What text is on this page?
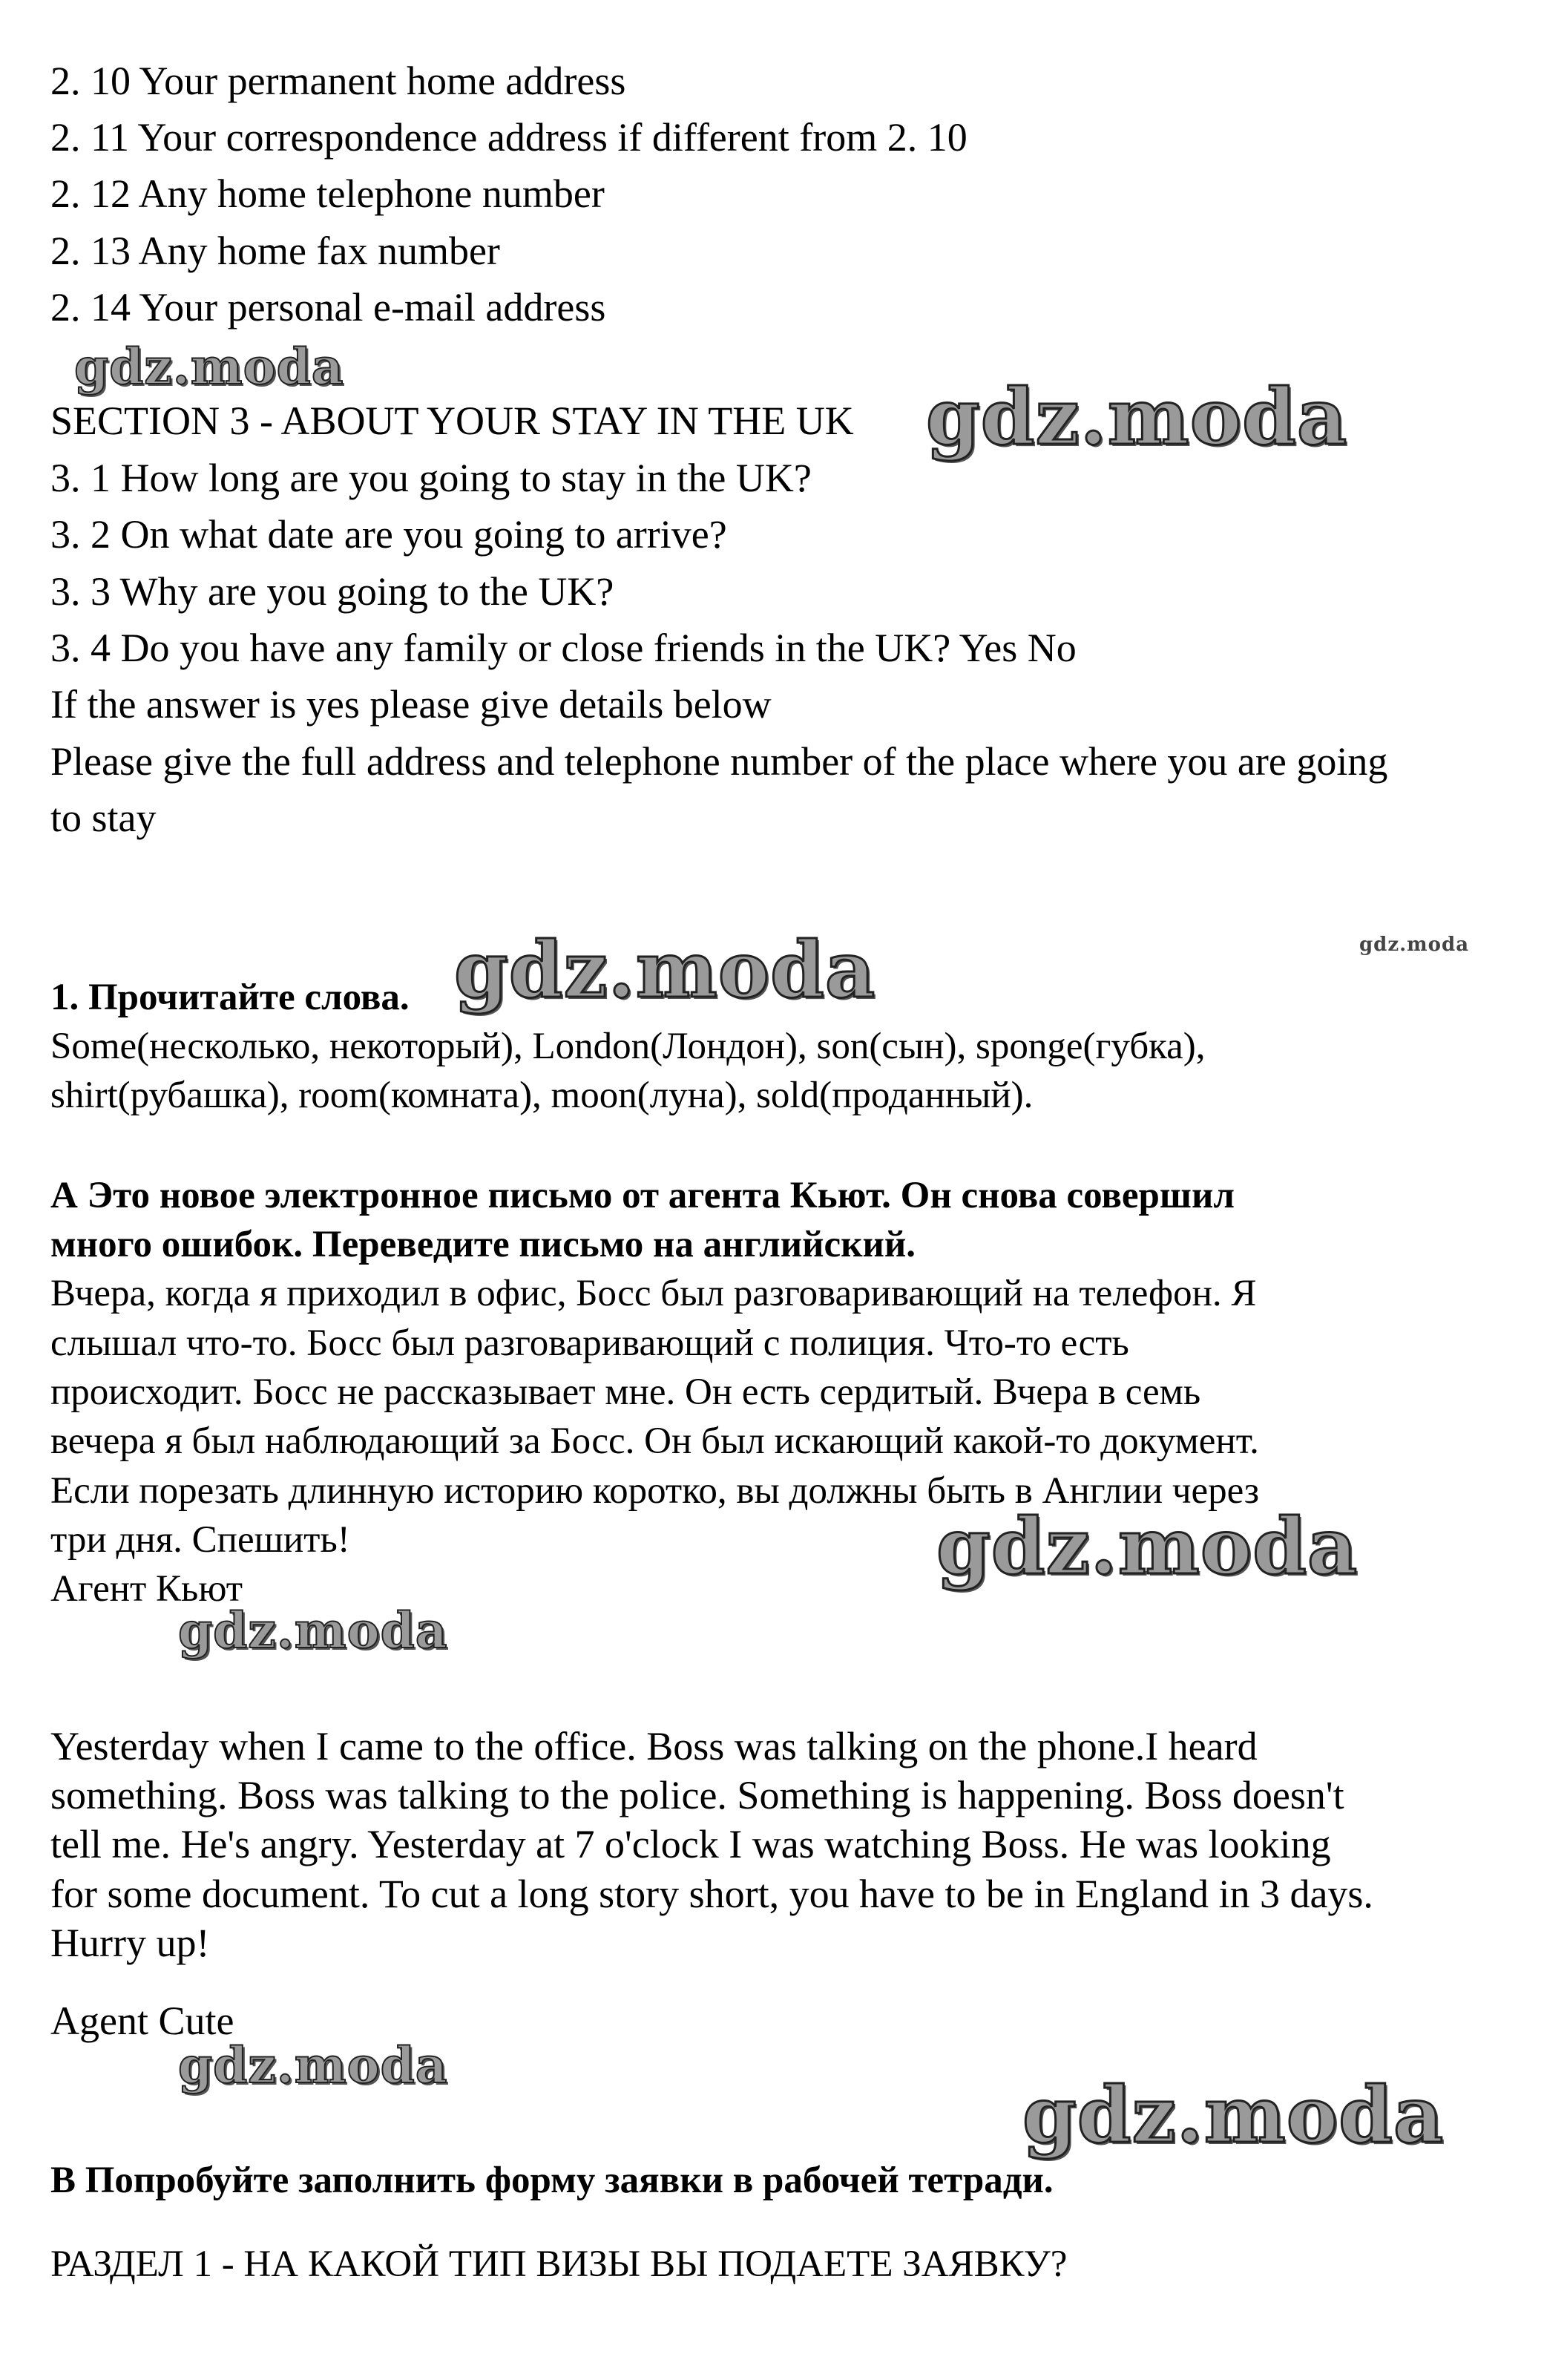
2. 10 Your permanent home address
2. 11 Your correspondence address if different from 2. 10
2. 12 Any home telephone number
2. 13 Any home fax number
2. 14 Your personal e-mail address
SECTION 3 - ABOUT YOUR STAY IN THE UK
3. 1 How long are you going to stay in the UK?
3. 2 On what date are you going to arrive?
3. 3 Why are you going to the UK?
3. 4 Do you have any family or close friends in the UK? Yes No
If the answer is yes please give details below
Please give the full address and telephone number of the place where you are going
to stay
1. Прочитайте слова.
Some(несколько, некоторый), London(Лондон), son(сын), sponge(губка),
shirt(рубашка), room(комната), moon(луна), sold(проданный).
А Это новое электронное письмо от агента Кьют. Он снова совершил
много ошибок. Переведите письмо на английский.
Вчера, когда я приходил в офис, Босс был разговаривающий на телефон. Я
слышал что-то. Босс был разговаривающий с полиция. Что-то есть
происходит. Босс не рассказывает мне. Он есть сердитый. Вчера в семь
вечера я был наблюдающий за Босс. Он был искающий какой-то документ.
Если порезать длинную историю коротко, вы должны быть в Англии через
три дня. Спешить!
Агент Кьют
Yesterday when I came to the office. Boss was talking on the phone.I heard
something. Boss was talking to the police. Something is happening. Boss doesn't
tell me. He's angry. Yesterday at 7 o'clock I was watching Boss. He was looking
for some document. To cut a long story short, you have to be in England in 3 days.
Hurry up!
Agent Cute
В Попробуйте заполнить форму заявки в рабочей тетради.
РАЗДЕЛ 1 - НА КАКОЙ ТИП ВИЗЫ ВЫ ПОДАЕТЕ ЗАЯВКУ?
gdz.moda
gdz.moda
gdz.moda
gdz.moda
gdz.moda
gdz.moda
gdz.moda
gdz.moda
